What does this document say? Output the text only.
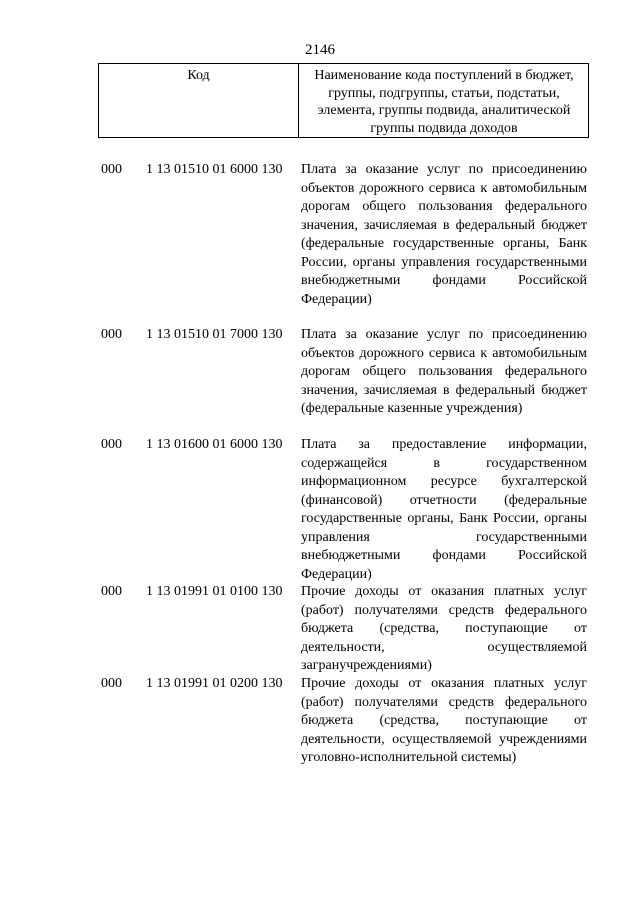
2146
Код	Наименование кода поступлений в бюджет, группы, подгруппы, статьи, подстатьи, элемента, группы подвида, аналитической группы подвида доходов
000 1 13 01510 01 6000 130 Плата за оказание услуг по присоединению объектов дорожного сервиса к автомобильным дорогам общего пользования федерального значения, зачисляемая в федеральный бюджет (федеральные государственные органы, Банк России, органы управления государственными внебюджетными фондами Российской Федерации)

000 1 13 01510 01 7000 130 Плата за оказание услуг по присоединению объектов дорожного сервиса к автомобильным дорогам общего пользования федерального значения, зачисляемая в федеральный бюджет (федеральные казенные учреждения)

000 1 13 01600 01 6000 130 Плата за предоставление информации, содержащейся в государственном информационном ресурсе бухгалтерской (финансовой) отчетности (федеральные государственные органы, Банк России, органы управления государственными внебюджетными фондами Российской Федерации)

000 1 13 01991 01 0100 130 Прочие доходы от оказания платных услуг (работ) получателями средств федерального бюджета (средства, поступающие от деятельности, осуществляемой загранучреждениями)

000 1 13 01991 01 0200 130 Прочие доходы от оказания платных услуг (работ) получателями средств федерального бюджета (средства, поступающие от деятельности, осуществляемой учреждениями уголовно-исполнительной системы)
